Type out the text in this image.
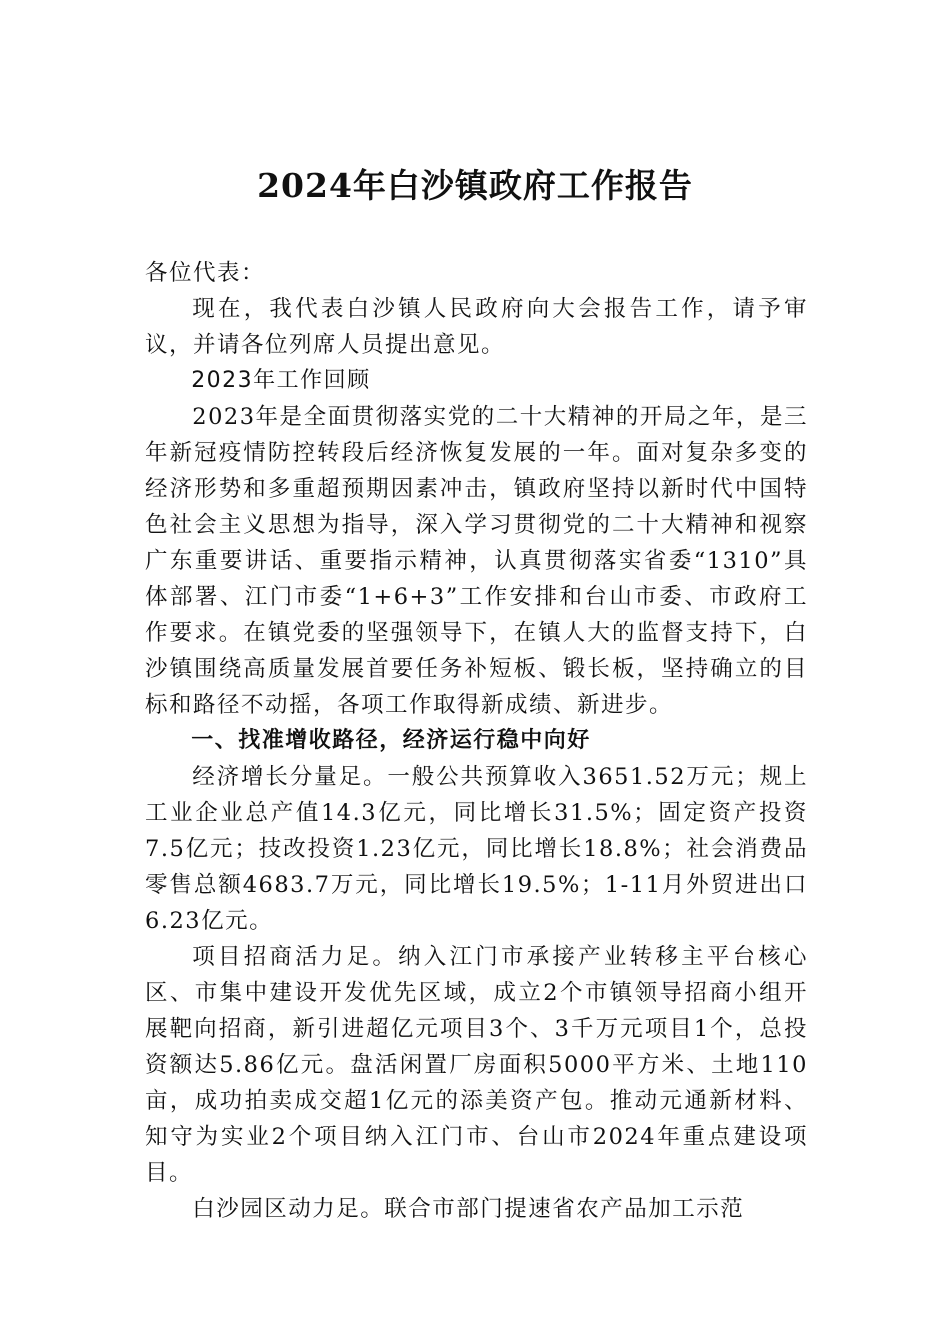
2024年白沙镇政府工作报告

各位代表：

现在，我代表白沙镇人民政府向大会报告工作，请予审议，并请各位列席人员提出意见。

2023年工作回顾

2023年是全面贯彻落实党的二十大精神的开局之年，是三年新冠疫情防控转段后经济恢复发展的一年。面对复杂多变的经济形势和多重超预期因素冲击，镇政府坚持以新时代中国特色社会主义思想为指导，深入学习贯彻党的二十大精神和视察广东重要讲话、重要指示精神，认真贯彻落实省委“1310”具体部署、江门市委“1+6+3”工作安排和台山市委、市政府工作要求。在镇党委的坚强领导下，在镇人大的监督支持下，白沙镇围绕高质量发展首要任务补短板、锻长板，坚持确立的目标和路径不动摇，各项工作取得新成绩、新进步。

一、找准增收路径，经济运行稳中向好

经济增长分量足。一般公共预算收入3651.52万元；规上工业企业总产值14.3亿元，同比增长31.5%；固定资产投资7.5亿元；技改投资1.23亿元，同比增长18.8%；社会消费品零售总额4683.7万元，同比增长19.5%；1-11月外贸进出口6.23亿元。

项目招商活力足。纳入江门市承接产业转移主平台核心区、市集中建设开发优先区域，成立2个市镇领导招商小组开展靶向招商，新引进超亿元项目3个、3千万元项目1个，总投资额达5.86亿元。盘活闲置厂房面积5000平方米、土地110亩，成功拍卖成交超1亿元的添美资产包。推动元通新材料、知守为实业2个项目纳入江门市、台山市2024年重点建设项目。

白沙园区动力足。联合市部门提速省农产品加工示范
